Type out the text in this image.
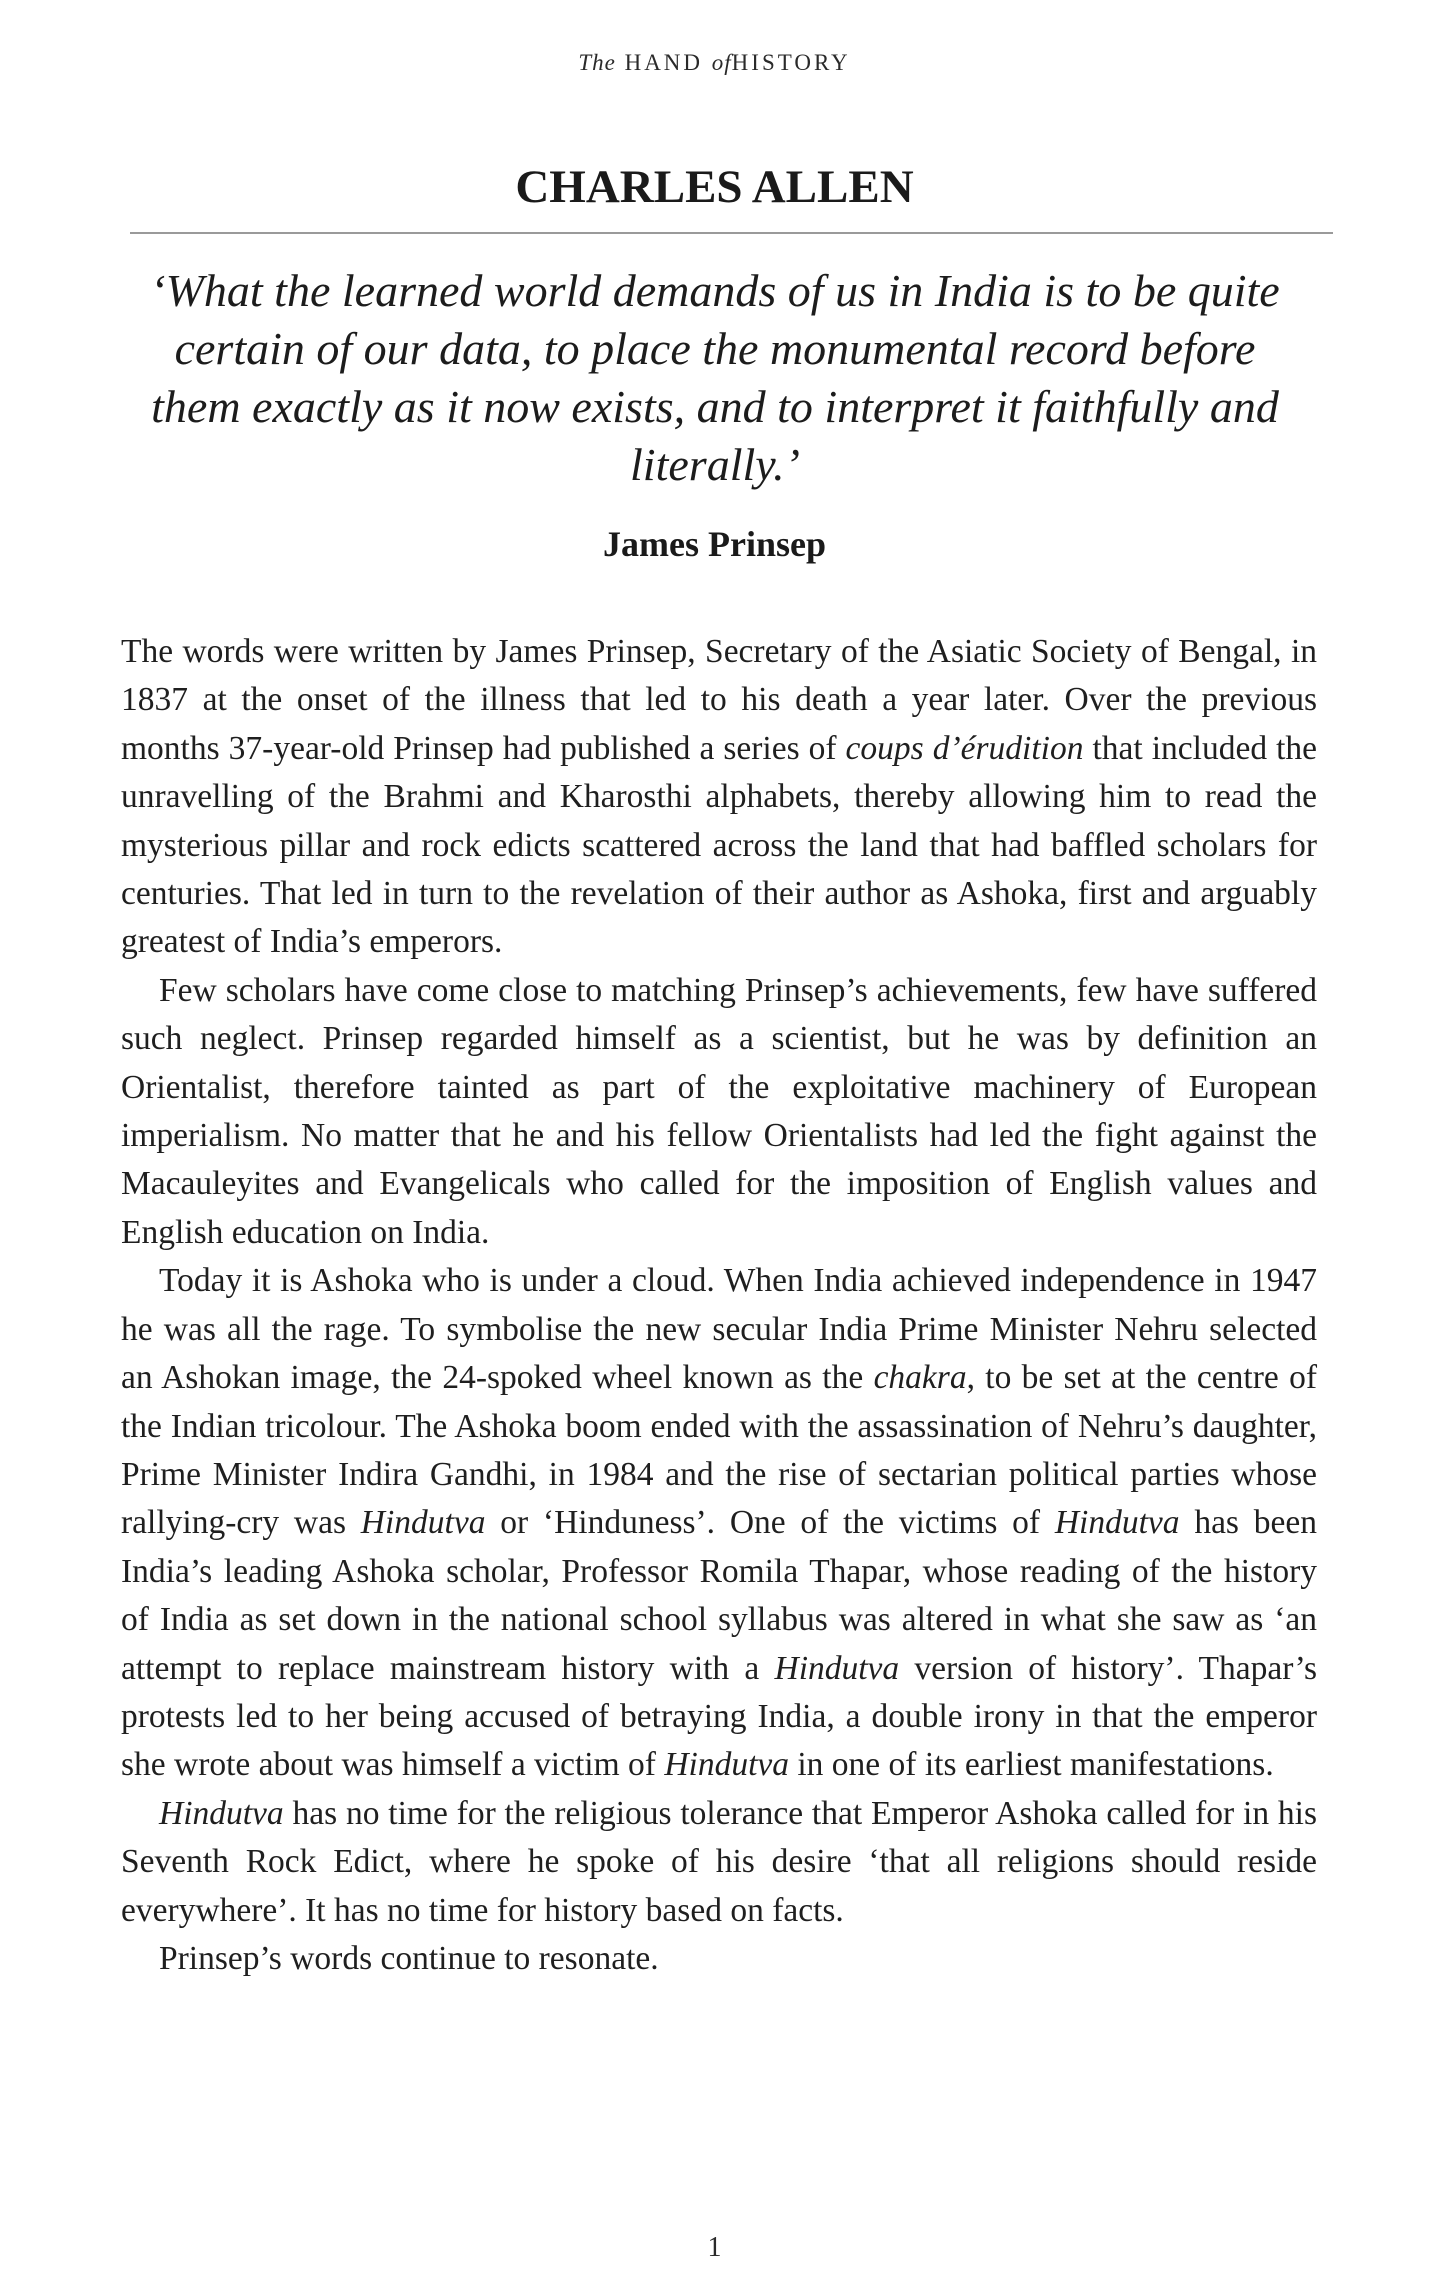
The HAND ofHISTORY
CHARLES ALLEN
‘What the learned world demands of us in India is to be quite certain of our data, to place the monumental record before them exactly as it now exists, and to interpret it faithfully and literally.’
James Prinsep

The words were written by James Prinsep, Secretary of the Asiatic Society of Bengal, in 1837 at the onset of the illness that led to his death a year later. Over the previous months 37-year-old Prinsep had published a series of coups d’érudition that included the unravelling of the Brahmi and Kharosthi alphabets, thereby allowing him to read the mysterious pillar and rock edicts scattered across the land that had baffled scholars for centuries. That led in turn to the revelation of their author as Ashoka, first and arguably greatest of India’s emperors.

Few scholars have come close to matching Prinsep’s achievements, few have suffered such neglect. Prinsep regarded himself as a scientist, but he was by definition an Orientalist, therefore tainted as part of the exploitative machinery of European imperialism. No matter that he and his fellow Orientalists had led the fight against the Macauleyites and Evangelicals who called for the imposition of English values and English education on India.

Today it is Ashoka who is under a cloud. When India achieved independence in 1947 he was all the rage. To symbolise the new secular India Prime Minister Nehru selected an Ashokan image, the 24-spoked wheel known as the chakra, to be set at the centre of the Indian tricolour. The Ashoka boom ended with the assassination of Nehru’s daughter, Prime Minister Indira Gandhi, in 1984 and the rise of sectarian political parties whose rallying-cry was Hindutva or ‘Hinduness’. One of the victims of Hindutva has been India’s leading Ashoka scholar, Professor Romila Thapar, whose reading of the history of India as set down in the national school syllabus was altered in what she saw as ‘an attempt to replace mainstream history with a Hindutva version of history’. Thapar’s protests led to her being accused of betraying India, a double irony in that the emperor she wrote about was himself a victim of Hindutva in one of its earliest manifestations.

Hindutva has no time for the religious tolerance that Emperor Ashoka called for in his Seventh Rock Edict, where he spoke of his desire ‘that all religions should reside everywhere’. It has no time for history based on facts.

Prinsep’s words continue to resonate.

1
